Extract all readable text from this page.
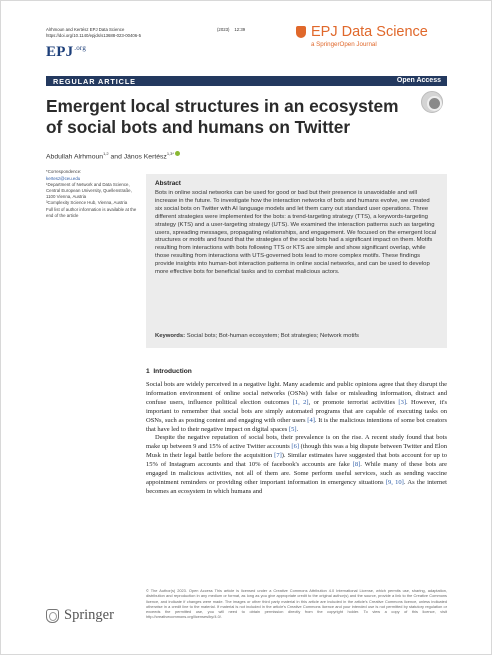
Alrhmoun and Kertész EPJ Data Science
https://doi.org/10.1140/epjds/s13688-023-00406-5
(2023) 12:39
$EPJ^{.org}$
EPJ Data Science
a SpringerOpen Journal
REGULAR ARTICLE	Open Access
Emergent local structures in an ecosystem of social bots and humans on Twitter
Abdullah Alrhmoun$^{1,2}$ and János Kertész$^{1,3*}$

*Correspondence:

kertesz@ceu.edu

¹Department of Network and Data Science, Central European University, Quellenstraße, 1100 Vienna, Austria

³Complexity Science Hub, Vienna, Austria

Full list of author information is available at the end of the article

Abstract
Bots in online social networks can be used for good or bad but their presence is unavoidable and will increase in the future. To investigate how the interaction networks of bots and humans evolve, we created six social bots on Twitter with AI language models and let them carry out standard user operations. Three different strategies were implemented for the bots: a trend-targeting strategy (TTS), a keywords-targeting strategy (KTS) and a user-targeting strategy (UTS). We examined the interaction patterns such as targeting users, spreading messages, propagating relationships, and engagement. We focused on the emergent local structures or motifs and found that the strategies of the social bots had a significant impact on them. Motifs resulting from interactions with bots following TTS or KTS are simple and show significant overlap, while those resulting from interactions with UTS-governed bots lead to more complex motifs. These findings provide insights into human-bot interaction patterns in online social networks, and can be used to develop more effective bots for beneficial tasks and to combat malicious actors.
Keywords: Social bots; Bot-human ecosystem; Bot strategies; Network motifs
1 Introduction

Social bots are widely perceived in a negative light. Many academic and public opinions agree that they disrupt the information environment of online social networks (OSNs) with false or misleading information, distract and confuse users, influence political election outcomes [1, 2], or promote terrorist activities [3]. However, it's important to remember that social bots are simply automated programs that are capable of executing tasks on OSNs, such as posting content and engaging with other users [4]. It is the malicious intentions of some bot creators that have led to their negative impact on digital spaces [5].

Despite the negative reputation of social bots, their prevalence is on the rise. A recent study found that bots make up between 9 and 15% of active Twitter accounts [6] (though this was a big dispute between Twitter and Elon Musk in their legal battle before the acquisition [7]). Similar estimates have suggested that bots account for up to 15% of Instagram accounts and that 10% of facebook's accounts are fake [8]. While many of these bots are engaged in malicious activities, not all of them are. Some perform useful services, such as sending vaccine appointment reminders or providing other important information in emergency situations [9, 10]. As the internet becomes an ecosystem in which humans and

Springer
© The Author(s) 2023. Open Access This article is licensed under a Creative Commons Attribution 4.0 International License, which permits use, sharing, adaptation, distribution and reproduction in any medium or format, as long as you give appropriate credit to the original author(s) and the source, provide a link to the Creative Commons licence, and indicate if changes were made. The images or other third party material in this article are included in the article's Creative Commons licence, unless indicated otherwise in a credit line to the material. If material is not included in the article's Creative Commons licence and your intended use is not permitted by statutory regulation or exceeds the permitted use, you will need to obtain permission directly from the copyright holder. To view a copy of this licence, visit http://creativecommons.org/licenses/by/4.0/.
